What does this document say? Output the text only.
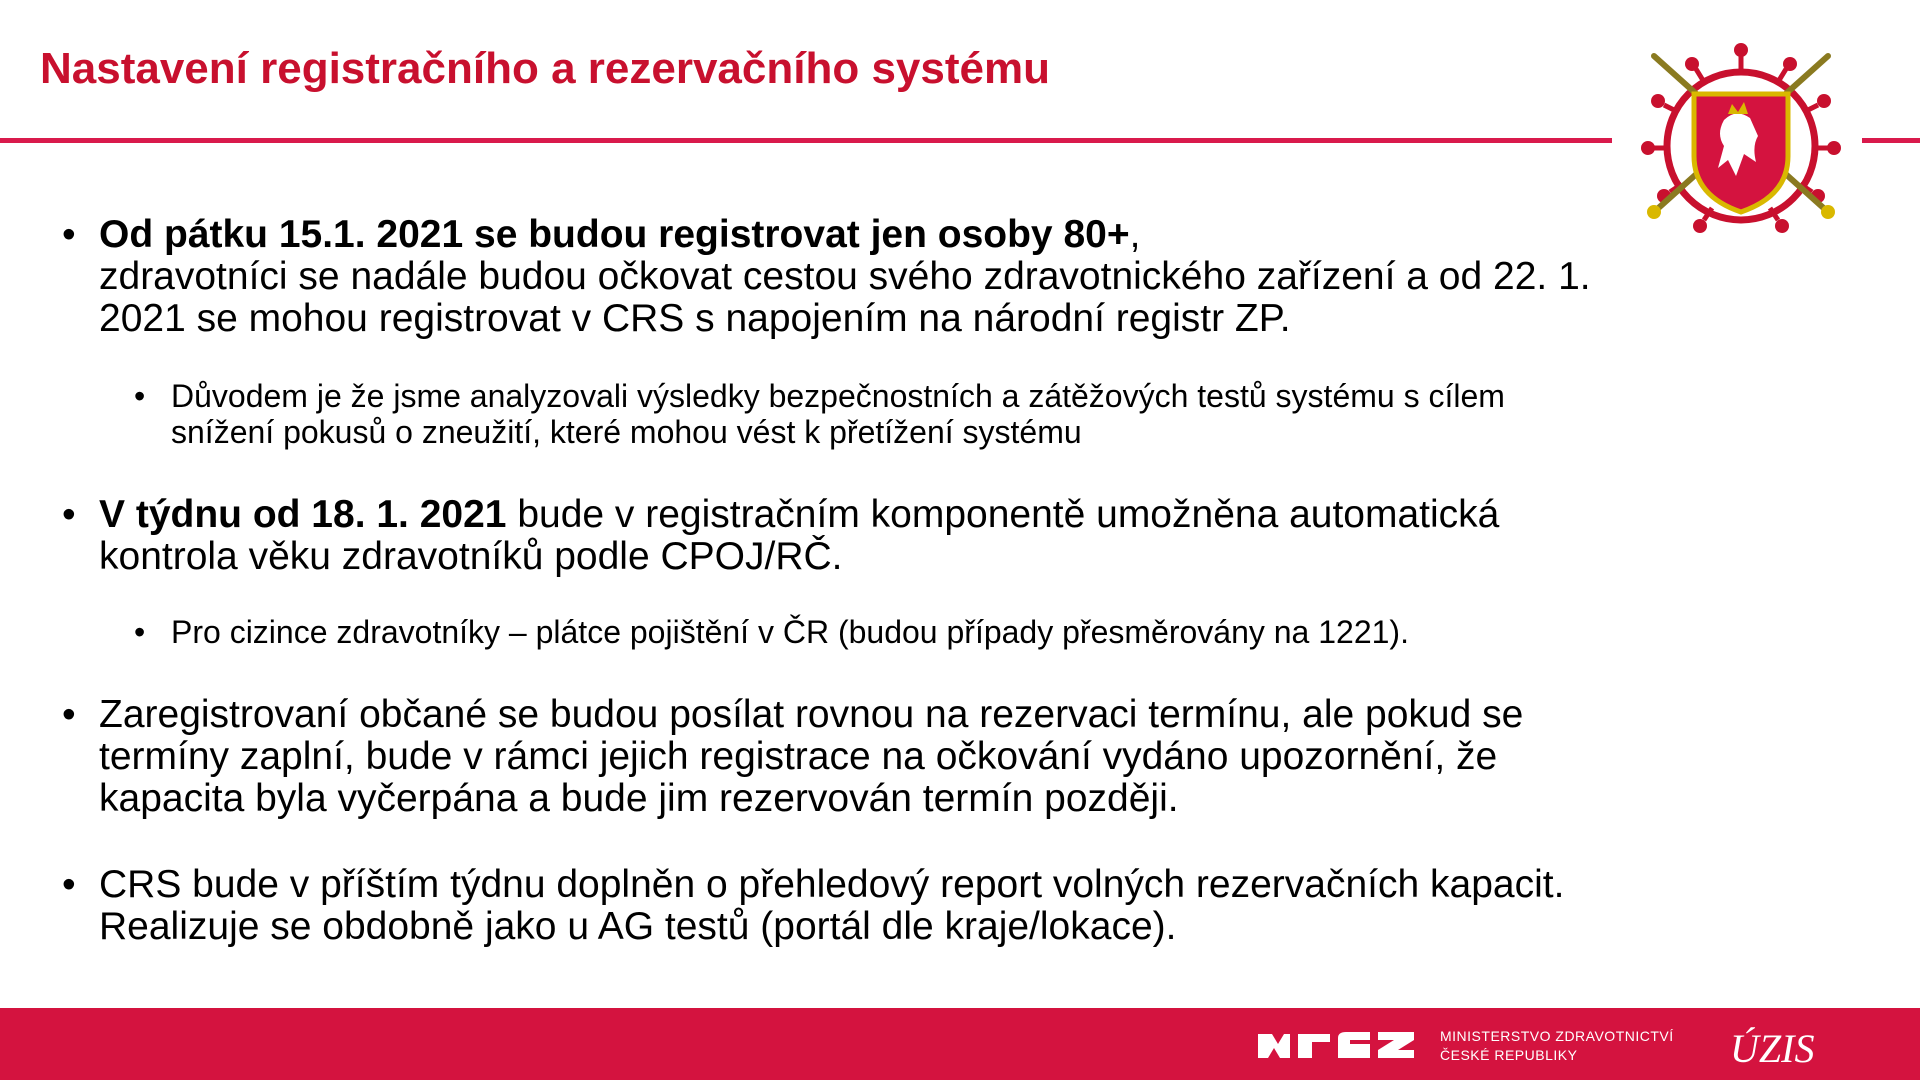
Nastavení registračního a rezervačního systému
• Od pátku 15.1. 2021 se budou registrovat jen osoby 80+,
zdravotníci se nadále budou očkovat cestou svého zdravotnického zařízení a od 22. 1.
2021 se mohou registrovat v CRS s napojením na národní registr ZP.
• Důvodem je že jsme analyzovali výsledky bezpečnostních a zátěžových testů systému s cílem
snížení pokusů o zneužití, které mohou vést k přetížení systému
• V týdnu od 18. 1. 2021 bude v registračním komponentě umožněna automatická
kontrola věku zdravotníků podle CPOJ/RČ.
• Pro cizince zdravotníky – plátce pojištění v ČR (budou případy přesměrovány na 1221).
• Zaregistrovaní občané se budou posílat rovnou na rezervaci termínu, ale pokud se
termíny zaplní, bude v rámci jejich registrace na očkování vydáno upozornění, že
kapacita byla vyčerpána a bude jim rezervován termín později.
• CRS bude v příštím týdnu doplněn o přehledový report volných rezervačních kapacit.
Realizuje se obdobně jako u AG testů (portál dle kraje/lokace).
MINISTERSTVO ZDRAVOTNICTVÍ
ČESKÉ REPUBLIKY	ÚZIS
